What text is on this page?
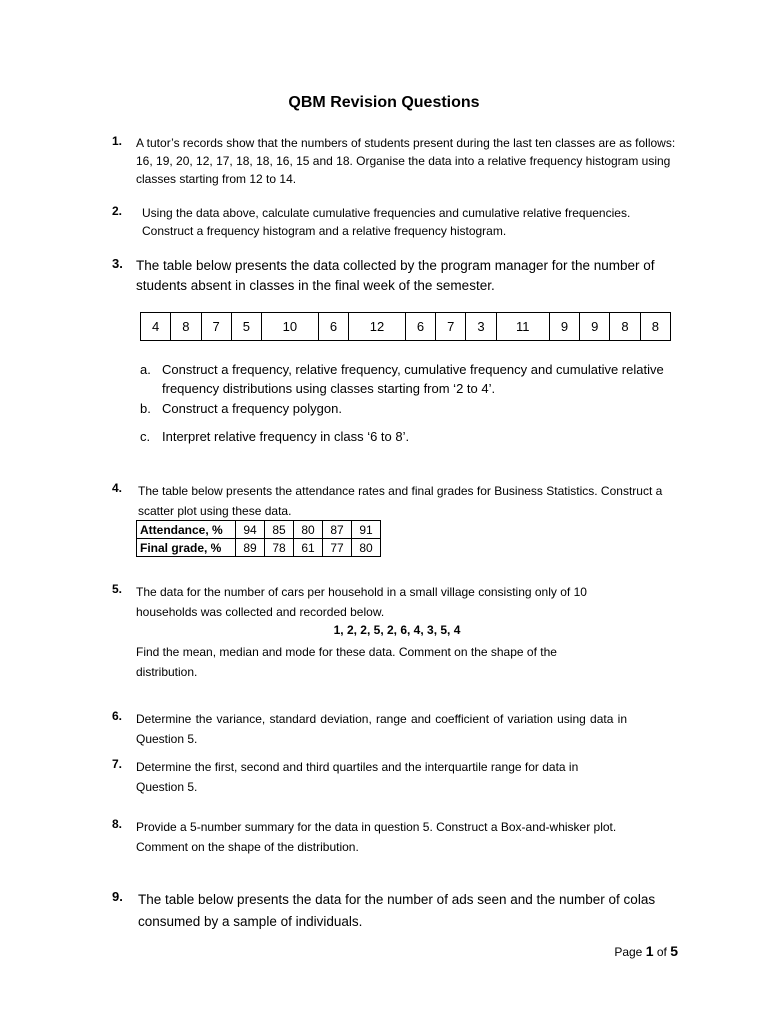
QBM Revision Questions
1. A tutor’s records show that the numbers of students present during the last ten classes are as follows: 16, 19, 20, 12, 17, 18, 18, 16, 15 and 18. Organise the data into a relative frequency histogram using classes starting from 12 to 14.
2.	Using the data above, calculate cumulative frequencies and cumulative relative frequencies. Construct a frequency histogram and a relative frequency histogram.
3. The table below presents the data collected by the program manager for the number of students absent in classes in the final week of the semester.
4	8	7	5	10	6	12	6	7	3	11	9	9	8	8
a. Construct a frequency, relative frequency, cumulative frequency and cumulative relative frequency distributions using classes starting from ‘2 to 4’.
b. Construct a frequency polygon.
c. Interpret relative frequency in class ‘6 to 8’.
4. The table below presents the attendance rates and final grades for Business Statistics. Construct a scatter plot using these data.
Attendance, %	94	85	80	87	91
Final grade, %	89	78	61	77	80
5. The data for the number of cars per household in a small village consisting only of 10 households was collected and recorded below.
1, 2, 2, 5, 2, 6, 4, 3, 5, 4
Find the mean, median and mode for these data. Comment on the shape of the distribution.
6. Determine the variance, standard deviation, range and coefficient of variation using data in Question 5.
7. Determine the first, second and third quartiles and the interquartile range for data in Question 5.
8. Provide a 5-number summary for the data in question 5. Construct a Box-and-whisker plot. Comment on the shape of the distribution.
9. The table below presents the data for the number of ads seen and the number of colas consumed by a sample of individuals.
Page 1 of 5
